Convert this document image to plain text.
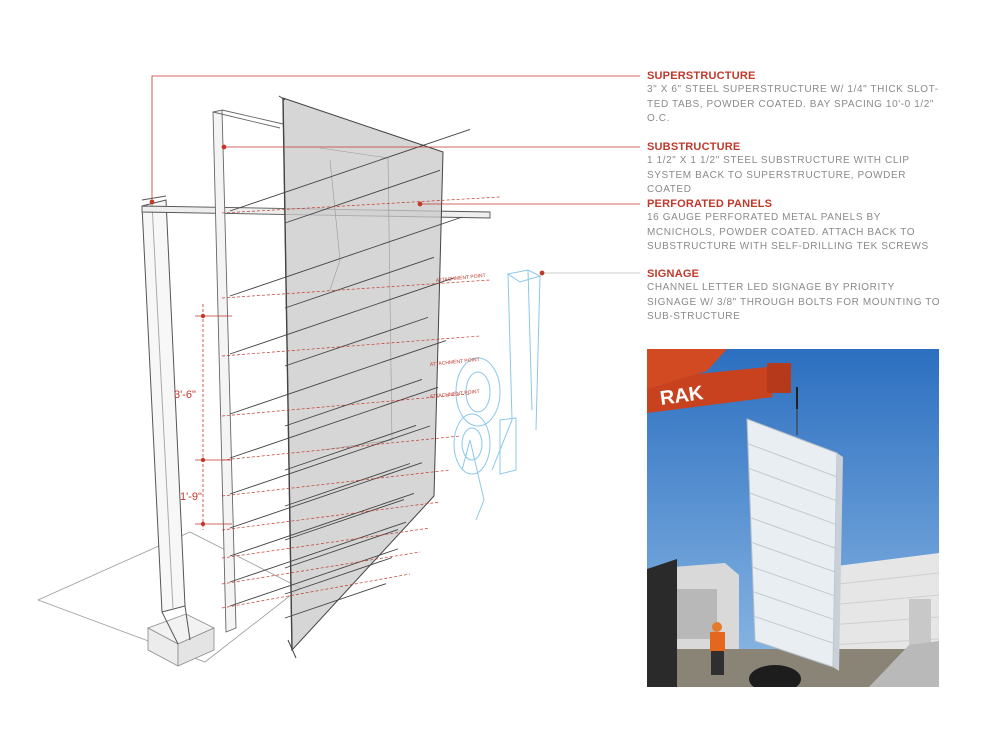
3'-6"
1'-9"
ATTACHMENT POINT
ATTACHMENT POINT
ATTACHMENT POINT
SUPERSTRUCTURE

3" X 6" STEEL SUPERSTRUCTURE W/ 1/4" THICK SLOT-TED TABS, POWDER COATED. BAY SPACING 10'-0 1/2" O.C.

SUBSTRUCTURE

1 1/2" X 1 1/2" STEEL SUBSTRUCTURE WITH CLIP SYSTEM BACK TO SUPERSTRUCTURE, POWDER COATED

PERFORATED PANELS

16 GAUGE PERFORATED METAL PANELS BY MCNICHOLS, POWDER COATED. ATTACH BACK TO SUBSTRUCTURE WITH SELF-DRILLING TEK SCREWS

SIGNAGE

CHANNEL LETTER LED SIGNAGE BY PRIORITY SIGNAGE W/ 3/8" THROUGH BOLTS FOR MOUNTING TO SUB-STRUCTURE

RAK
